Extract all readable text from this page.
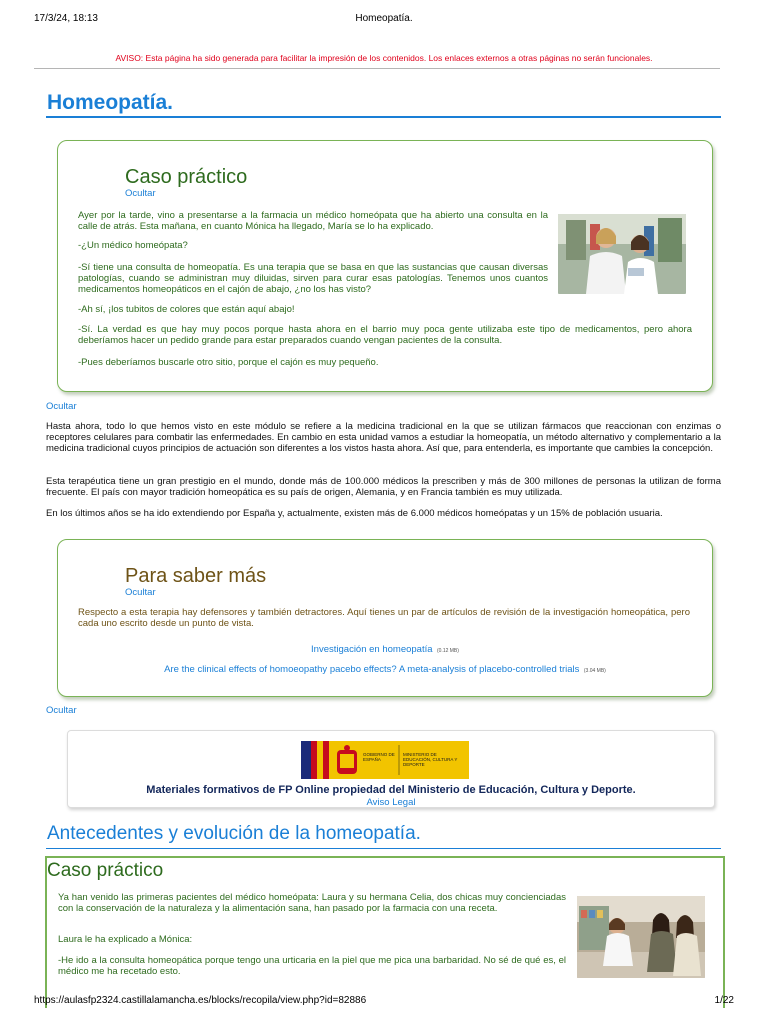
17/3/24, 18:13	Homeopatía.
AVISO: Esta página ha sido generada para facilitar la impresión de los contenidos. Los enlaces externos a otras páginas no serán funcionales.
Homeopatía.
Caso práctico
Ocultar

Ayer por la tarde, vino a presentarse a la farmacia un médico homeópata que ha abierto una consulta en la calle de atrás. Esta mañana, en cuanto Mónica ha llegado, María se lo ha explicado.

-¿Un médico homeópata?

-Sí tiene una consulta de homeopatía. Es una terapia que se basa en que las sustancias que causan diversas patologías, cuando se administran muy diluidas, sirven para curar esas patologías. Tenemos unos cuantos medicamentos homeopáticos en el cajón de abajo, ¿no los has visto?

-Ah sí, ¡los tubitos de colores que están aquí abajo!

-Sí. La verdad es que hay muy pocos porque hasta ahora en el barrio muy poca gente utilizaba este tipo de medicamentos, pero ahora deberíamos hacer un pedido grande para estar preparados cuando vengan pacientes de la consulta.

-Pues deberíamos buscarle otro sitio, porque el cajón es muy pequeño.

Ocultar

Hasta ahora, todo lo que hemos visto en este módulo se refiere a la medicina tradicional en la que se utilizan fármacos que reaccionan con enzimas o receptores celulares para combatir las enfermedades. En cambio en esta unidad vamos a estudiar la homeopatía, un método alternativo y complementario a la medicina tradicional cuyos principios de actuación son diferentes a los vistos hasta ahora. Así que, para entenderla, es importante que cambies la concepción.

Esta terapéutica tiene un gran prestigio en el mundo, donde más de 100.000 médicos la prescriben y más de 300 millones de personas la utilizan de forma frecuente. El país con mayor tradición homeopática es su país de origen, Alemania, y en Francia también es muy utilizada.

En los últimos años se ha ido extendiendo por España y, actualmente, existen más de 6.000 médicos homeópatas y un 15% de población usuaria.

Para saber más
Ocultar

Respecto a esta terapia hay defensores y también detractores. Aquí tienes un par de artículos de revisión de la investigación homeopática, pero cada uno escrito desde un punto de vista.

Investigación en homeopatía (0.12 MB)
Are the clinical effects of homoeopathy pacebo effects? A meta-analysis of placebo-controlled trials (3.04 MB)
Ocultar
GOBIERNO DE ESPAÑA
MINISTERIO DE EDUCACIÓN, CULTURA Y DEPORTE
Materiales formativos de FP Online propiedad del Ministerio de Educación, Cultura y Deporte.
Aviso Legal
Antecedentes y evolución de la homeopatía.
Caso práctico

Ya han venido las primeras pacientes del médico homeópata: Laura y su hermana Celia, dos chicas muy concienciadas con la conservación de la naturaleza y la alimentación sana, han pasado por la farmacia con una receta.

Laura le ha explicado a Mónica:

-He ido a la consulta homeopática porque tengo una urticaria en la piel que me pica una barbaridad. No sé de qué es, el médico me ha recetado esto.

https://aulasfp2324.castillalamancha.es/blocks/recopila/view.php?id=82886	1/22
